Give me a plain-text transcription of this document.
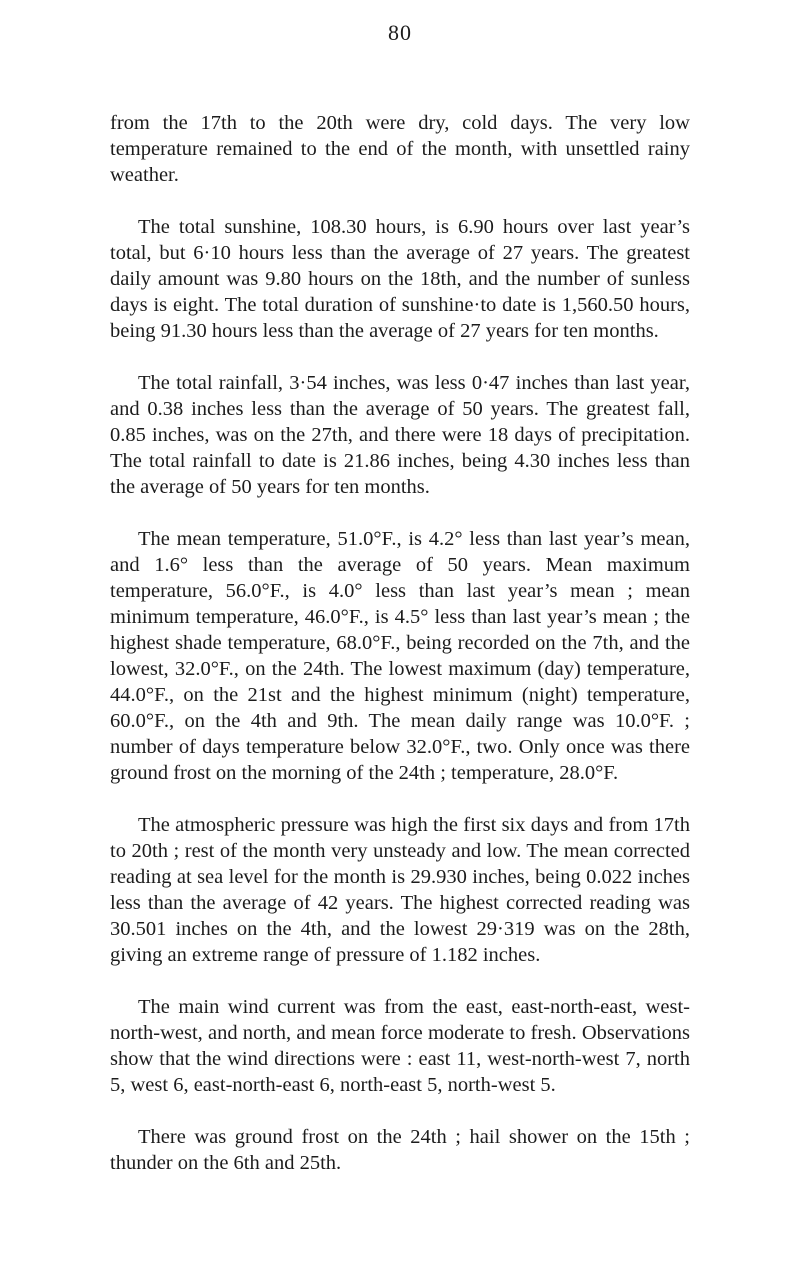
80

from the 17th to the 20th were dry, cold days. The very low temperature remained to the end of the month, with unsettled rainy weather.

The total sunshine, 108.30 hours, is 6.90 hours over last year’s total, but 6·10 hours less than the average of 27 years. The greatest daily amount was 9.80 hours on the 18th, and the number of sunless days is eight. The total duration of sunshine·to date is 1,560.50 hours, being 91.30 hours less than the average of 27 years for ten months.

The total rainfall, 3·54 inches, was less 0·47 inches than last year, and 0.38 inches less than the average of 50 years. The greatest fall, 0.85 inches, was on the 27th, and there were 18 days of precipitation. The total rainfall to date is 21.86 inches, being 4.30 inches less than the average of 50 years for ten months.

The mean temperature, 51.0°F., is 4.2° less than last year’s mean, and 1.6° less than the average of 50 years. Mean maximum temperature, 56.0°F., is 4.0° less than last year’s mean ; mean minimum temperature, 46.0°F., is 4.5° less than last year’s mean ; the highest shade temperature, 68.0°F., being recorded on the 7th, and the lowest, 32.0°F., on the 24th. The lowest maximum (day) temperature, 44.0°F., on the 21st and the highest minimum (night) temperature, 60.0°F., on the 4th and 9th. The mean daily range was 10.0°F. ; number of days temperature below 32.0°F., two. Only once was there ground frost on the morning of the 24th ; temperature, 28.0°F.

The atmospheric pressure was high the first six days and from 17th to 20th ; rest of the month very unsteady and low. The mean corrected reading at sea level for the month is 29.930 inches, being 0.022 inches less than the average of 42 years. The highest corrected reading was 30.501 inches on the 4th, and the lowest 29·319 was on the 28th, giving an extreme range of pressure of 1.182 inches.

The main wind current was from the east, east-north-east, west-north-west, and north, and mean force moderate to fresh. Observations show that the wind directions were : east 11, west-north-west 7, north 5, west 6, east-north-east 6, north-east 5, north-west 5.

There was ground frost on the 24th ; hail shower on the 15th ; thunder on the 6th and 25th.
